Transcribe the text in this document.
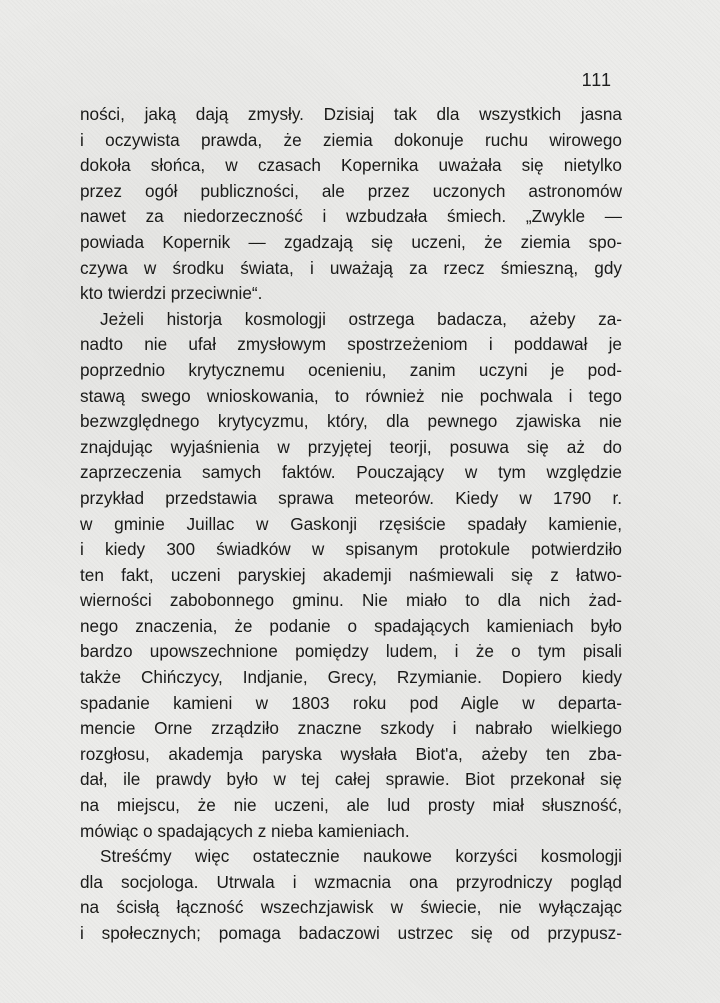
111
ności, jaką dają zmysły. Dzisiaj tak dla wszystkich jasna
i oczywista prawda, że ziemia dokonuje ruchu wirowego
dokoła słońca, w czasach Kopernika uważała się nietylko
przez ogół publiczności, ale przez uczonych astronomów
nawet za niedorzeczność i wzbudzała śmiech. „Zwykle —
powiada Kopernik — zgadzają się uczeni, że ziemia spo-
czywa w środku świata, i uważają za rzecz śmieszną, gdy
kto twierdzi przeciwnie“.
Jeżeli historja kosmologji ostrzega badacza, ażeby za-
nadto nie ufał zmysłowym spostrzeżeniom i poddawał je
poprzednio krytycznemu ocenieniu, zanim uczyni je pod-
stawą swego wnioskowania, to również nie pochwala i tego
bezwzględnego krytycyzmu, który, dla pewnego zjawiska nie
znajdując wyjaśnienia w przyjętej teorji, posuwa się aż do
zaprzeczenia samych faktów. Pouczający w tym względzie
przykład przedstawia sprawa meteorów. Kiedy w 1790 r.
w gminie Juillac w Gaskonji rzęsiście spadały kamienie,
i kiedy 300 świadków w spisanym protokule potwierdziło
ten fakt, uczeni paryskiej akademji naśmiewali się z łatwo-
wierności zabobonnego gminu. Nie miało to dla nich żad-
nego znaczenia, że podanie o spadających kamieniach było
bardzo upowszechnione pomiędzy ludem, i że o tym pisali
także Chińczycy, Indjanie, Grecy, Rzymianie. Dopiero kiedy
spadanie kamieni w 1803 roku pod Aigle w departa-
mencie Orne zrządziło znaczne szkody i nabrało wielkiego
rozgłosu, akademja paryska wysłała Biot'a, ażeby ten zba-
dał, ile prawdy było w tej całej sprawie. Biot przekonał się
na miejscu, że nie uczeni, ale lud prosty miał słuszność,
mówiąc o spadających z nieba kamieniach.
Streśćmy więc ostatecznie naukowe korzyści kosmologji
dla socjologa. Utrwala i wzmacnia ona przyrodniczy pogląd
na ścisłą łączność wszechzjawisk w świecie, nie wyłączając
i społecznych; pomaga badaczowi ustrzec się od przypusz-
